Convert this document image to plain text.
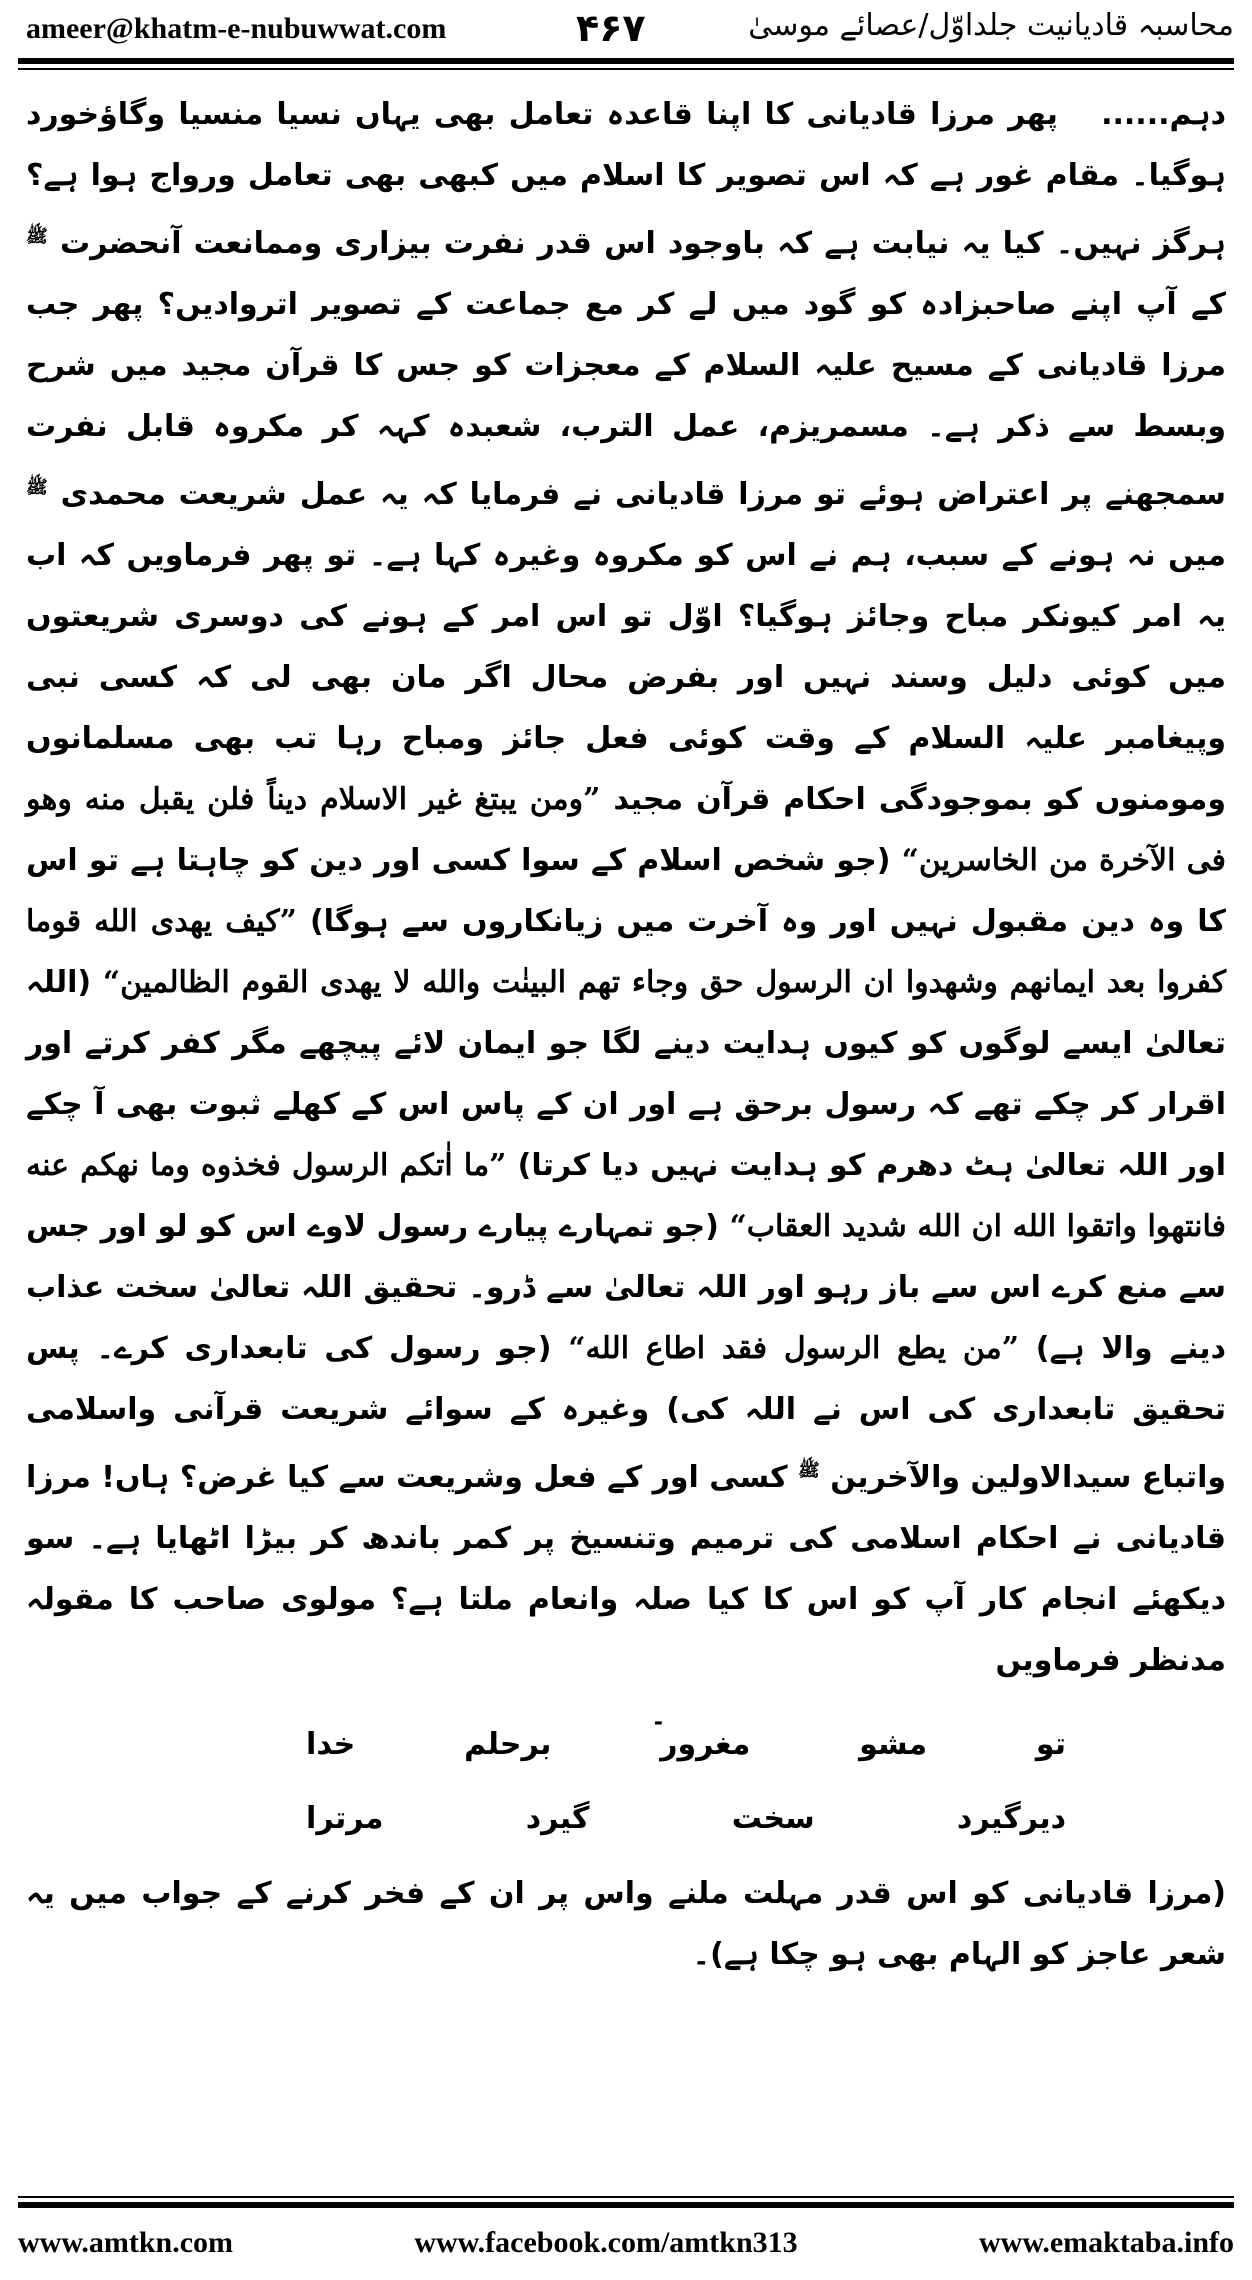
ameer@khatm-e-nubuwwat.com	۴۶۷	محاسبہ قادیانیت جلداوّل/عصائے موسیٰ

دہم...... پھر مرزا قادیانی کا اپنا قاعدہ تعامل بھی یہاں نسیا منسیا وگاؤخورد ہوگیا۔ مقام غور ہے کہ اس تصویر کا اسلام میں کبھی بھی تعامل ورواج ہوا ہے؟ ہرگز نہیں۔ کیا یہ نیابت ہے کہ باوجود اس قدر نفرت بیزاری وممانعت آنحضرت $^ﷺ$ کے آپ اپنے صاحبزادہ کو گود میں لے کر مع جماعت کے تصویر اتروادیں؟ پھر جب مرزا قادیانی کے مسیح علیہ السلام کے معجزات کو جس کا قرآن مجید میں شرح وبسط سے ذکر ہے۔ مسمریزم، عمل الترب، شعبدہ کہہ کر مکروہ قابل نفرت سمجھنے پر اعتراض ہوئے تو مرزا قادیانی نے فرمایا کہ یہ عمل شریعت محمدی $^ﷺ$ میں نہ ہونے کے سبب، ہم نے اس کو مکروہ وغیرہ کہا ہے۔ تو پھر فرماویں کہ اب یہ امر کیونکر مباح وجائز ہوگیا؟ اوّل تو اس امر کے ہونے کی دوسری شریعتوں میں کوئی دلیل وسند نہیں اور بفرض محال اگر مان بھی لی کہ کسی نبی وپیغامبر علیہ السلام کے وقت کوئی فعل جائز ومباح رہا تب بھی مسلمانوں ومومنوں کو بموجودگی احکام قرآن مجید ”ومن یبتغ غیر الاسلام دیناً فلن یقبل منه وهو فی الآخرة من الخاسرین“ (جو شخص اسلام کے سوا کسی اور دین کو چاہتا ہے تو اس کا وہ دین مقبول نہیں اور وہ آخرت میں زیانکاروں سے ہوگا) ”کیف یهدی الله قوما کفروا بعد ایمانهم وشهدوا ان الرسول حق وجاء تهم البینٰت والله لا یهدی القوم الظالمین“ (اللہ تعالیٰ ایسے لوگوں کو کیوں ہدایت دینے لگا جو ایمان لائے پیچھے مگر کفر کرتے اور اقرار کر چکے تھے کہ رسول برحق ہے اور ان کے پاس اس کے کھلے ثبوت بھی آ چکے اور اللہ تعالیٰ ہٹ دھرم کو ہدایت نہیں دیا کرتا) ”ما اٰتکم الرسول فخذوه وما نهکم عنه فانتهوا واتقوا الله ان الله شدید العقاب“ (جو تمہارے پیارے رسول لاوے اس کو لو اور جس سے منع کرے اس سے باز رہو اور اللہ تعالیٰ سے ڈرو۔ تحقیق اللہ تعالیٰ سخت عذاب دینے والا ہے) ”من یطع الرسول فقد اطاع الله“ (جو رسول کی تابعداری کرے۔ پس تحقیق تابعداری کی اس نے اللہ کی) وغیرہ کے سوائے شریعت قرآنی واسلامی واتباع سیدالاولین والآخرین $^ﷺ$ کسی اور کے فعل وشریعت سے کیا غرض؟ ہاں! مرزا قادیانی نے احکام اسلامی کی ترمیم وتنسیخ پر کمر باندھ کر بیڑا اٹھایا ہے۔ سو دیکھئے انجام کار آپ کو اس کا کیا صلہ وانعام ملتا ہے؟ مولوی صاحب کا مقولہ مدنظر فرماویں

۔
تو
مشو
مغرور
برحلم
خدا
دیرگیرد
سخت
گیرد
مرترا

(مرزا قادیانی کو اس قدر مہلت ملنے واس پر ان کے فخر کرنے کے جواب میں یہ شعر عاجز کو الہام بھی ہو چکا ہے)۔

www.amtkn.com	www.facebook.com/amtkn313	www.emaktaba.info
